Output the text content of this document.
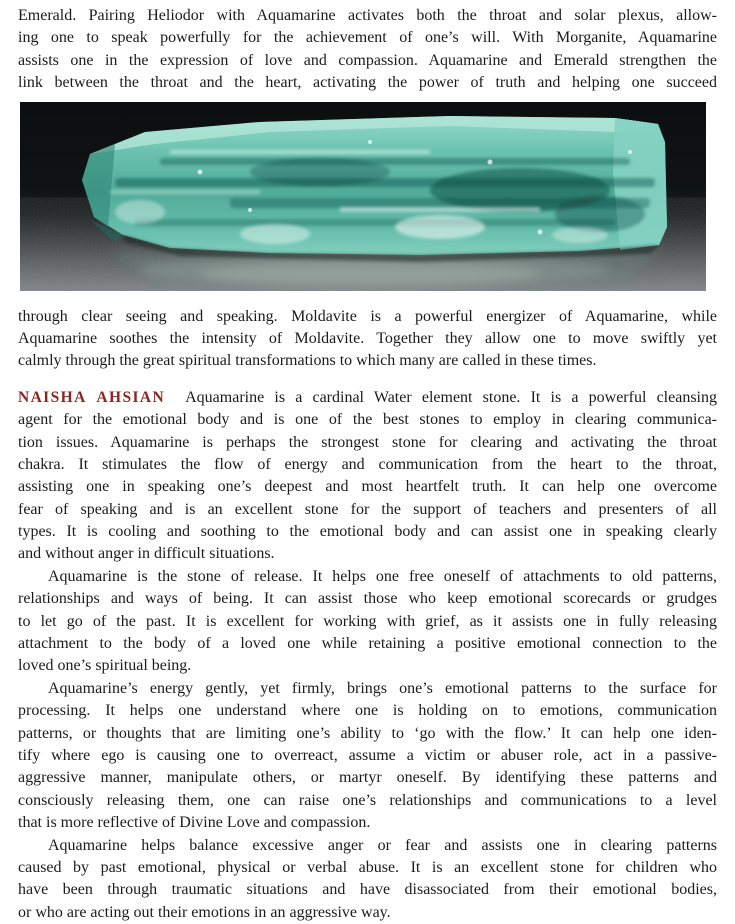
Emerald. Pairing Heliodor with Aquamarine activates both the throat and solar plexus, allow-
ing one to speak powerfully for the achievement of one’s will. With Morganite, Aquamarine
assists one in the expression of love and compassion. Aquamarine and Emerald strengthen the
link between the throat and the heart, activating the power of truth and helping one succeed
through clear seeing and speaking. Moldavite is a powerful energizer of Aquamarine, while
Aquamarine soothes the intensity of Moldavite. Together they allow one to move swiftly yet
calmly through the great spiritual transformations to which many are called in these times.
NAISHA AHSIAN Aquamarine is a cardinal Water element stone. It is a powerful cleansing
agent for the emotional body and is one of the best stones to employ in clearing communica-
tion issues. Aquamarine is perhaps the strongest stone for clearing and activating the throat
chakra. It stimulates the flow of energy and communication from the heart to the throat,
assisting one in speaking one’s deepest and most heartfelt truth. It can help one overcome
fear of speaking and is an excellent stone for the support of teachers and presenters of all
types. It is cooling and soothing to the emotional body and can assist one in speaking clearly
and without anger in difficult situations.
Aquamarine is the stone of release. It helps one free oneself of attachments to old patterns,
relationships and ways of being. It can assist those who keep emotional scorecards or grudges
to let go of the past. It is excellent for working with grief, as it assists one in fully releasing
attachment to the body of a loved one while retaining a positive emotional connection to the
loved one’s spiritual being.
Aquamarine’s energy gently, yet firmly, brings one’s emotional patterns to the surface for
processing. It helps one understand where one is holding on to emotions, communication
patterns, or thoughts that are limiting one’s ability to ‘go with the flow.’ It can help one iden-
tify where ego is causing one to overreact, assume a victim or abuser role, act in a passive-
aggressive manner, manipulate others, or martyr oneself. By identifying these patterns and
consciously releasing them, one can raise one’s relationships and communications to a level
that is more reflective of Divine Love and compassion.
Aquamarine helps balance excessive anger or fear and assists one in clearing patterns
caused by past emotional, physical or verbal abuse. It is an excellent stone for children who
have been through traumatic situations and have disassociated from their emotional bodies,
or who are acting out their emotions in an aggressive way.
